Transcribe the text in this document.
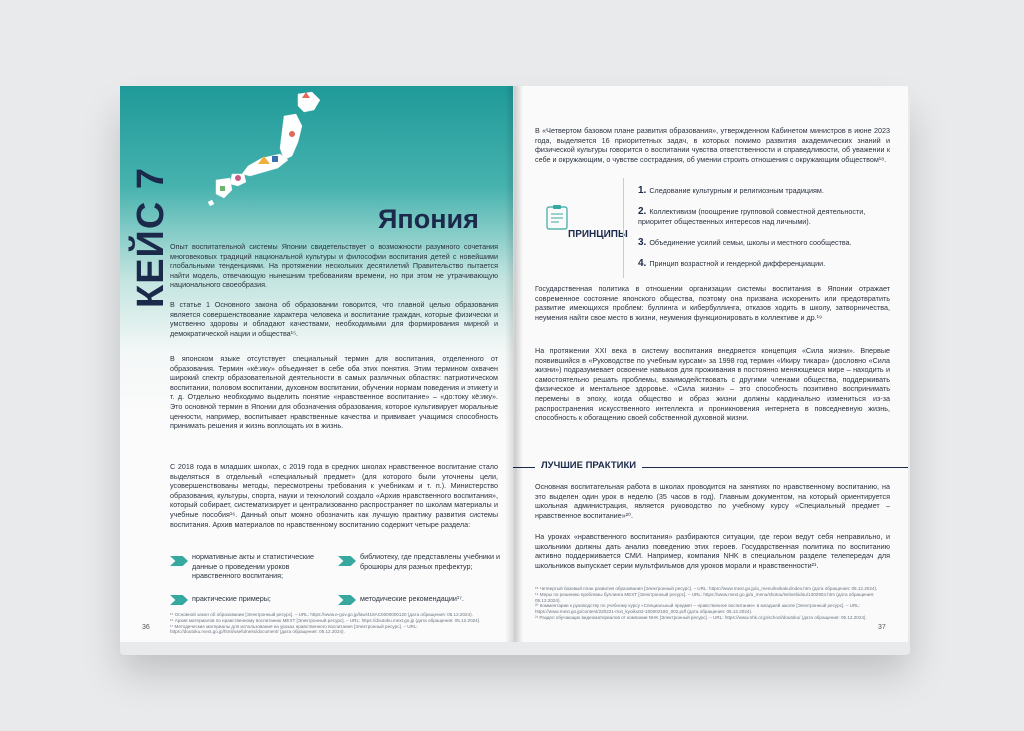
КЕЙС 7	Япония
Опыт воспитательной системы Японии свидетельствует о возможности разумного сочетания многовековых традиций национальной культуры и философии воспитания детей с новейшими глобальными тенденциями. На протяжении нескольких десятилетий Правительство пытается найти модель, отвечающую нынешним требованиям времени, но при этом не утрачивающую национального своеобразия.
В статье 1 Основного закона об образовании говорится, что главной целью образования является совершенствование характера человека и воспитание граждан, которые физически и умственно здоровы и обладают качествами, необходимыми для формирования мирной и демократической нации и общества¹⁵.
В японском языке отсутствует специальный термин для воспитания, отделенного от образования. Термин «кё:ику» объединяет в себе оба этих понятия. Этим термином охвачен широкий спектр образовательной деятельности в самых различных областях: патриотическом воспитании, половом воспитании, духовном воспитании, обучении нормам поведения и этикету и т. д. Отдельно необходимо выделить понятие «нравственное воспитание» – «до:току кё:ику». Это основной термин в Японии для обозначения образования, которое культивирует моральные ценности, например, воспитывает нравственные качества и прививает учащимся способность принимать решения и жизнь воплощать их в жизнь.
С 2018 года в младших школах, с 2019 года в средних школах нравственное воспитание стало выделяться в отдельный «специальный предмет» (для которого были уточнены цели, усовершенствованы методы, пересмотрены требования к учебникам и т. п.). Министерство образования, культуры, спорта, науки и технологий создало «Архив нравственного воспитания», который собирает, систематизирует и централизованно распространяет по школам материалы и учебные пособия¹⁶. Данный опыт можно обозначить как лучшую практику развития системы воспитания. Архив материалов по нравственному воспитанию содержит четыре раздела:
нормативные акты и статистические данные о проведении уроков нравственного воспитания;
библиотеку, где представлены учебники и брошюры для разных префектур;
практические примеры;	методические рекомендации¹⁷.
¹⁵ Основной закон об образовании [Электронный ресурс]. – URL: https://www.e-gov.go.jp/law/418AC0000000120 (дата обращения: 05.12.2024).
¹⁶ Архив материалов по нравственному воспитанию MEXT [Электронный ресурс]. – URL: https://doutoku.mext.go.jp (дата обращения: 05.12.2024).
¹⁷ Методические материалы для использования на уроках нравственного воспитания [Электронный ресурс]. – URL: https://doutoku.mext.go.jp/html/usefulness/document/ (дата обращения: 05.12.2024).
36
В «Четвертом базовом плане развития образования», утвержденном Кабинетом министров в июне 2023 года, выделяется 16 приоритетных задач, в которых помимо развития академических знаний и физической культуры говорится о воспитании чувства ответственности и справедливости, об уважении к себе и окружающим, о чувстве сострадания, об умении строить отношения с окружающим обществом¹⁸.
ПРИНЦИПЫ
1. Следование культурным и религиозным традициям.
2. Коллективизм (поощрение групповой совместной деятельности, приоритет общественных интересов над личными).
3. Объединение усилий семьи, школы и местного сообщества.
4. Принцип возрастной и гендерной дифференциации.
Государственная политика в отношении организации системы воспитания в Японии отражает современное состояние японского общества, поэтому она призвана искоренить или предотвратить развитие имеющихся проблем: буллинга и кибербуллинга, отказов ходить в школу, затворничества, неумения найти свое место в жизни, неумения функционировать в коллективе и др.¹⁹
На протяжении XXI века в систему воспитания внедряется концепция «Сила жизни». Впервые появившийся в «Руководстве по учебным курсам» за 1998 год термин «Икиру тикара» (дословно «Сила жизни») подразумевает освоение навыков для проживания в постоянно меняющемся мире – находить и самостоятельно решать проблемы, взаимодействовать с другими членами общества, поддерживать физическое и ментальное здоровье. «Сила жизни» – это способность позитивно воспринимать перемены в эпоху, когда общество и образ жизни должны кардинально измениться из-за распространения искусственного интеллекта и проникновения интернета в повседневную жизнь, способность к обогащению своей собственной духовной жизни.
ЛУЧШИЕ ПРАКТИКИ
Основная воспитательная работа в школах проводится на занятиях по нравственному воспитанию, на это выделен один урок в неделю (35 часов в год). Главным документом, на который ориентируется школьная администрация, является руководство по учебному курсу «Специальный предмет – нравственное воспитание»²⁰.
На уроках «нравственного воспитания» разбираются ситуации, где герои ведут себя неправильно, и школьники должны дать анализ поведению этих героев. Государственная политика по воспитанию активно поддерживается СМИ. Например, компания NHK в специальном разделе телепередач для школьников выпускает серии мультфильмов для уроков морали и нравственности²¹.
¹⁸ Четвертый базовый план развития образования [Электронный ресурс]. – URL: https://www.mext.go.jp/a_menu/keikaku/index.htm (дата обращения: 05.12.2024).
¹⁹ Меры по решению проблемы буллинга MEXT [Электронный ресурс]. – URL: https://www.mext.go.jp/a_menu/shotou/seitoshidou/1302904.htm (дата обращения: 05.12.2024).
²⁰ Комментарии к руководству по учебному курсу «Специальный предмет – нравственное воспитание» в младшей школе [Электронный ресурс]. – URL: https://www.mext.go.jp/content/220221-mxt_kyoiku02-100002180_002.pdf (дата обращения: 05.12.2024).
²¹ Раздел обучающих видеоматериалов от компании NHK [Электронный ресурс]. – URL: https://www.nhk.or.jp/school/doutoku/ (дата обращения: 05.12.2024).
37
